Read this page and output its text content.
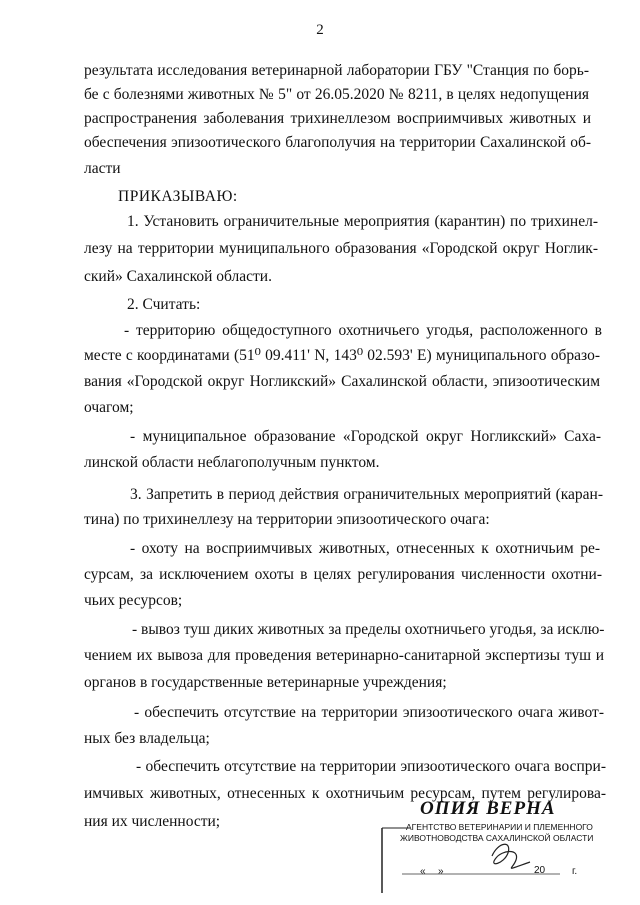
2
результата исследования ветеринарной лаборатории ГБУ "Станция по борь-
бе с болезнями животных № 5" от 26.05.2020 № 8211, в целях недопущения
распространения заболевания трихинеллезом восприимчивых животных и
обеспечения эпизоотического благополучия на территории Сахалинской об-
ласти
ПРИКАЗЫВАЮ:
1. Установить ограничительные мероприятия (карантин) по трихинел-
лезу на территории муниципального образования «Городской округ Ноглик-
ский» Сахалинской области.
2. Считать:
- территорию общедоступного охотничьего угодья, расположенного в
месте с координатами (51⁰ 09.411' N, 143⁰ 02.593' E) муниципального образо-
вания «Городской округ Ногликский» Сахалинской области, эпизоотическим
очагом;
- муниципальное образование «Городской округ Ногликский» Саха-
линской области неблагополучным пунктом.
3. Запретить в период действия ограничительных мероприятий (каран-
тина) по трихинеллезу на территории эпизоотического очага:
- охоту на восприимчивых животных, отнесенных к охотничьим ре-
сурсам, за исключением охоты в целях регулирования численности охотни-
чьих ресурсов;
- вывоз туш диких животных за пределы охотничьего угодья, за исклю-
чением их вывоза для проведения ветеринарно-санитарной экспертизы туш и
органов в государственные ветеринарные учреждения;
- обеспечить отсутствие на территории эпизоотического очага живот-
ных без владельца;
- обеспечить отсутствие на территории эпизоотического очага воспри-
имчивых животных, отнесенных к охотничьим ресурсам, путем регулирова-
ния их численности;
ОПИЯ ВЕРНА
АГЕНТСТВО ВЕТЕРИНАРИИ И ПЛЕМЕННОГО
ЖИВОТНОВОДСТВА САХАЛИНСКОЙ ОБЛАСТИ
« »	20	г.
